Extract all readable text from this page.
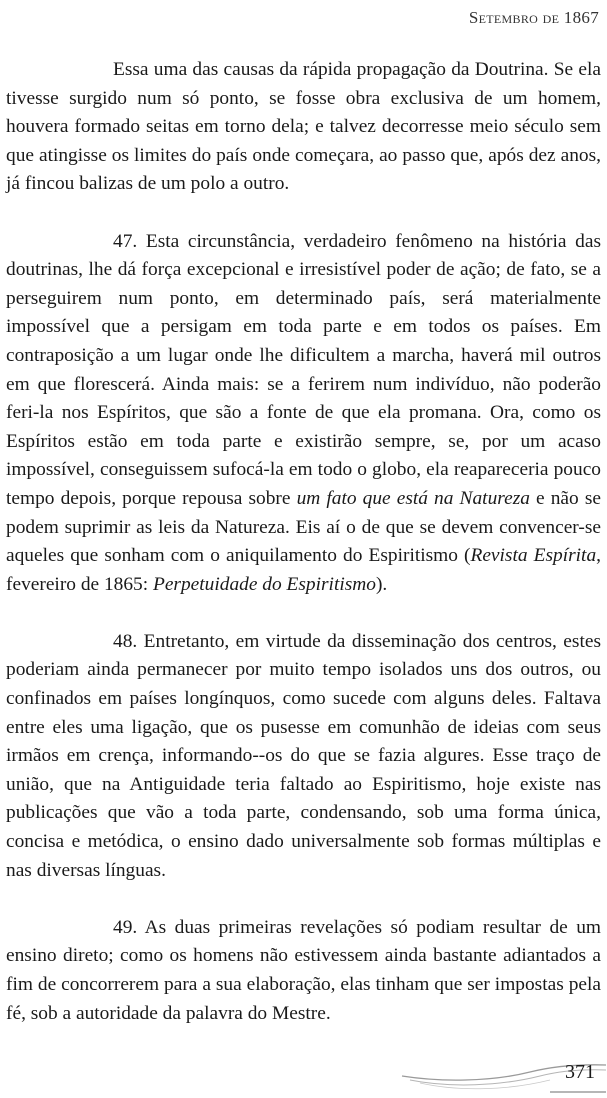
Setembro de 1867

Essa uma das causas da rápida propagação da Doutrina. Se ela tivesse surgido num só ponto, se fosse obra exclusiva de um homem, houvera formado seitas em torno dela; e talvez decorresse meio século sem que atingisse os limites do país onde começara, ao passo que, após dez anos, já fincou balizas de um polo a outro.

47. Esta circunstância, verdadeiro fenômeno na história das doutrinas, lhe dá força excepcional e irresistível poder de ação; de fato, se a perseguirem num ponto, em determinado país, será materialmente impossível que a persigam em toda parte e em todos os países. Em contraposição a um lugar onde lhe dificultem a marcha, haverá mil outros em que florescerá. Ainda mais: se a ferirem num indivíduo, não poderão feri-la nos Espíritos, que são a fonte de que ela promana. Ora, como os Espíritos estão em toda parte e existirão sempre, se, por um acaso impossível, conseguissem sufocá-la em todo o globo, ela reapareceria pouco tempo depois, porque repousa sobre um fato que está na Natureza e não se podem suprimir as leis da Natureza. Eis aí o de que se devem convencer-se aqueles que sonham com o aniquilamento do Espiritismo (Revista Espírita, fevereiro de 1865: Perpetuidade do Espiritismo).

48. Entretanto, em virtude da disseminação dos centros, estes poderiam ainda permanecer por muito tempo isolados uns dos outros, ou confinados em países longínquos, como sucede com alguns deles. Faltava entre eles uma ligação, que os pusesse em comunhão de ideias com seus irmãos em crença, informando--os do que se fazia algures. Esse traço de união, que na Antiguidade teria faltado ao Espiritismo, hoje existe nas publicações que vão a toda parte, condensando, sob uma forma única, concisa e metódica, o ensino dado universalmente sob formas múltiplas e nas diversas línguas.

49. As duas primeiras revelações só podiam resultar de um ensino direto; como os homens não estivessem ainda bastante adiantados a fim de concorrerem para a sua elaboração, elas tinham que ser impostas pela fé, sob a autoridade da palavra do Mestre.

371
